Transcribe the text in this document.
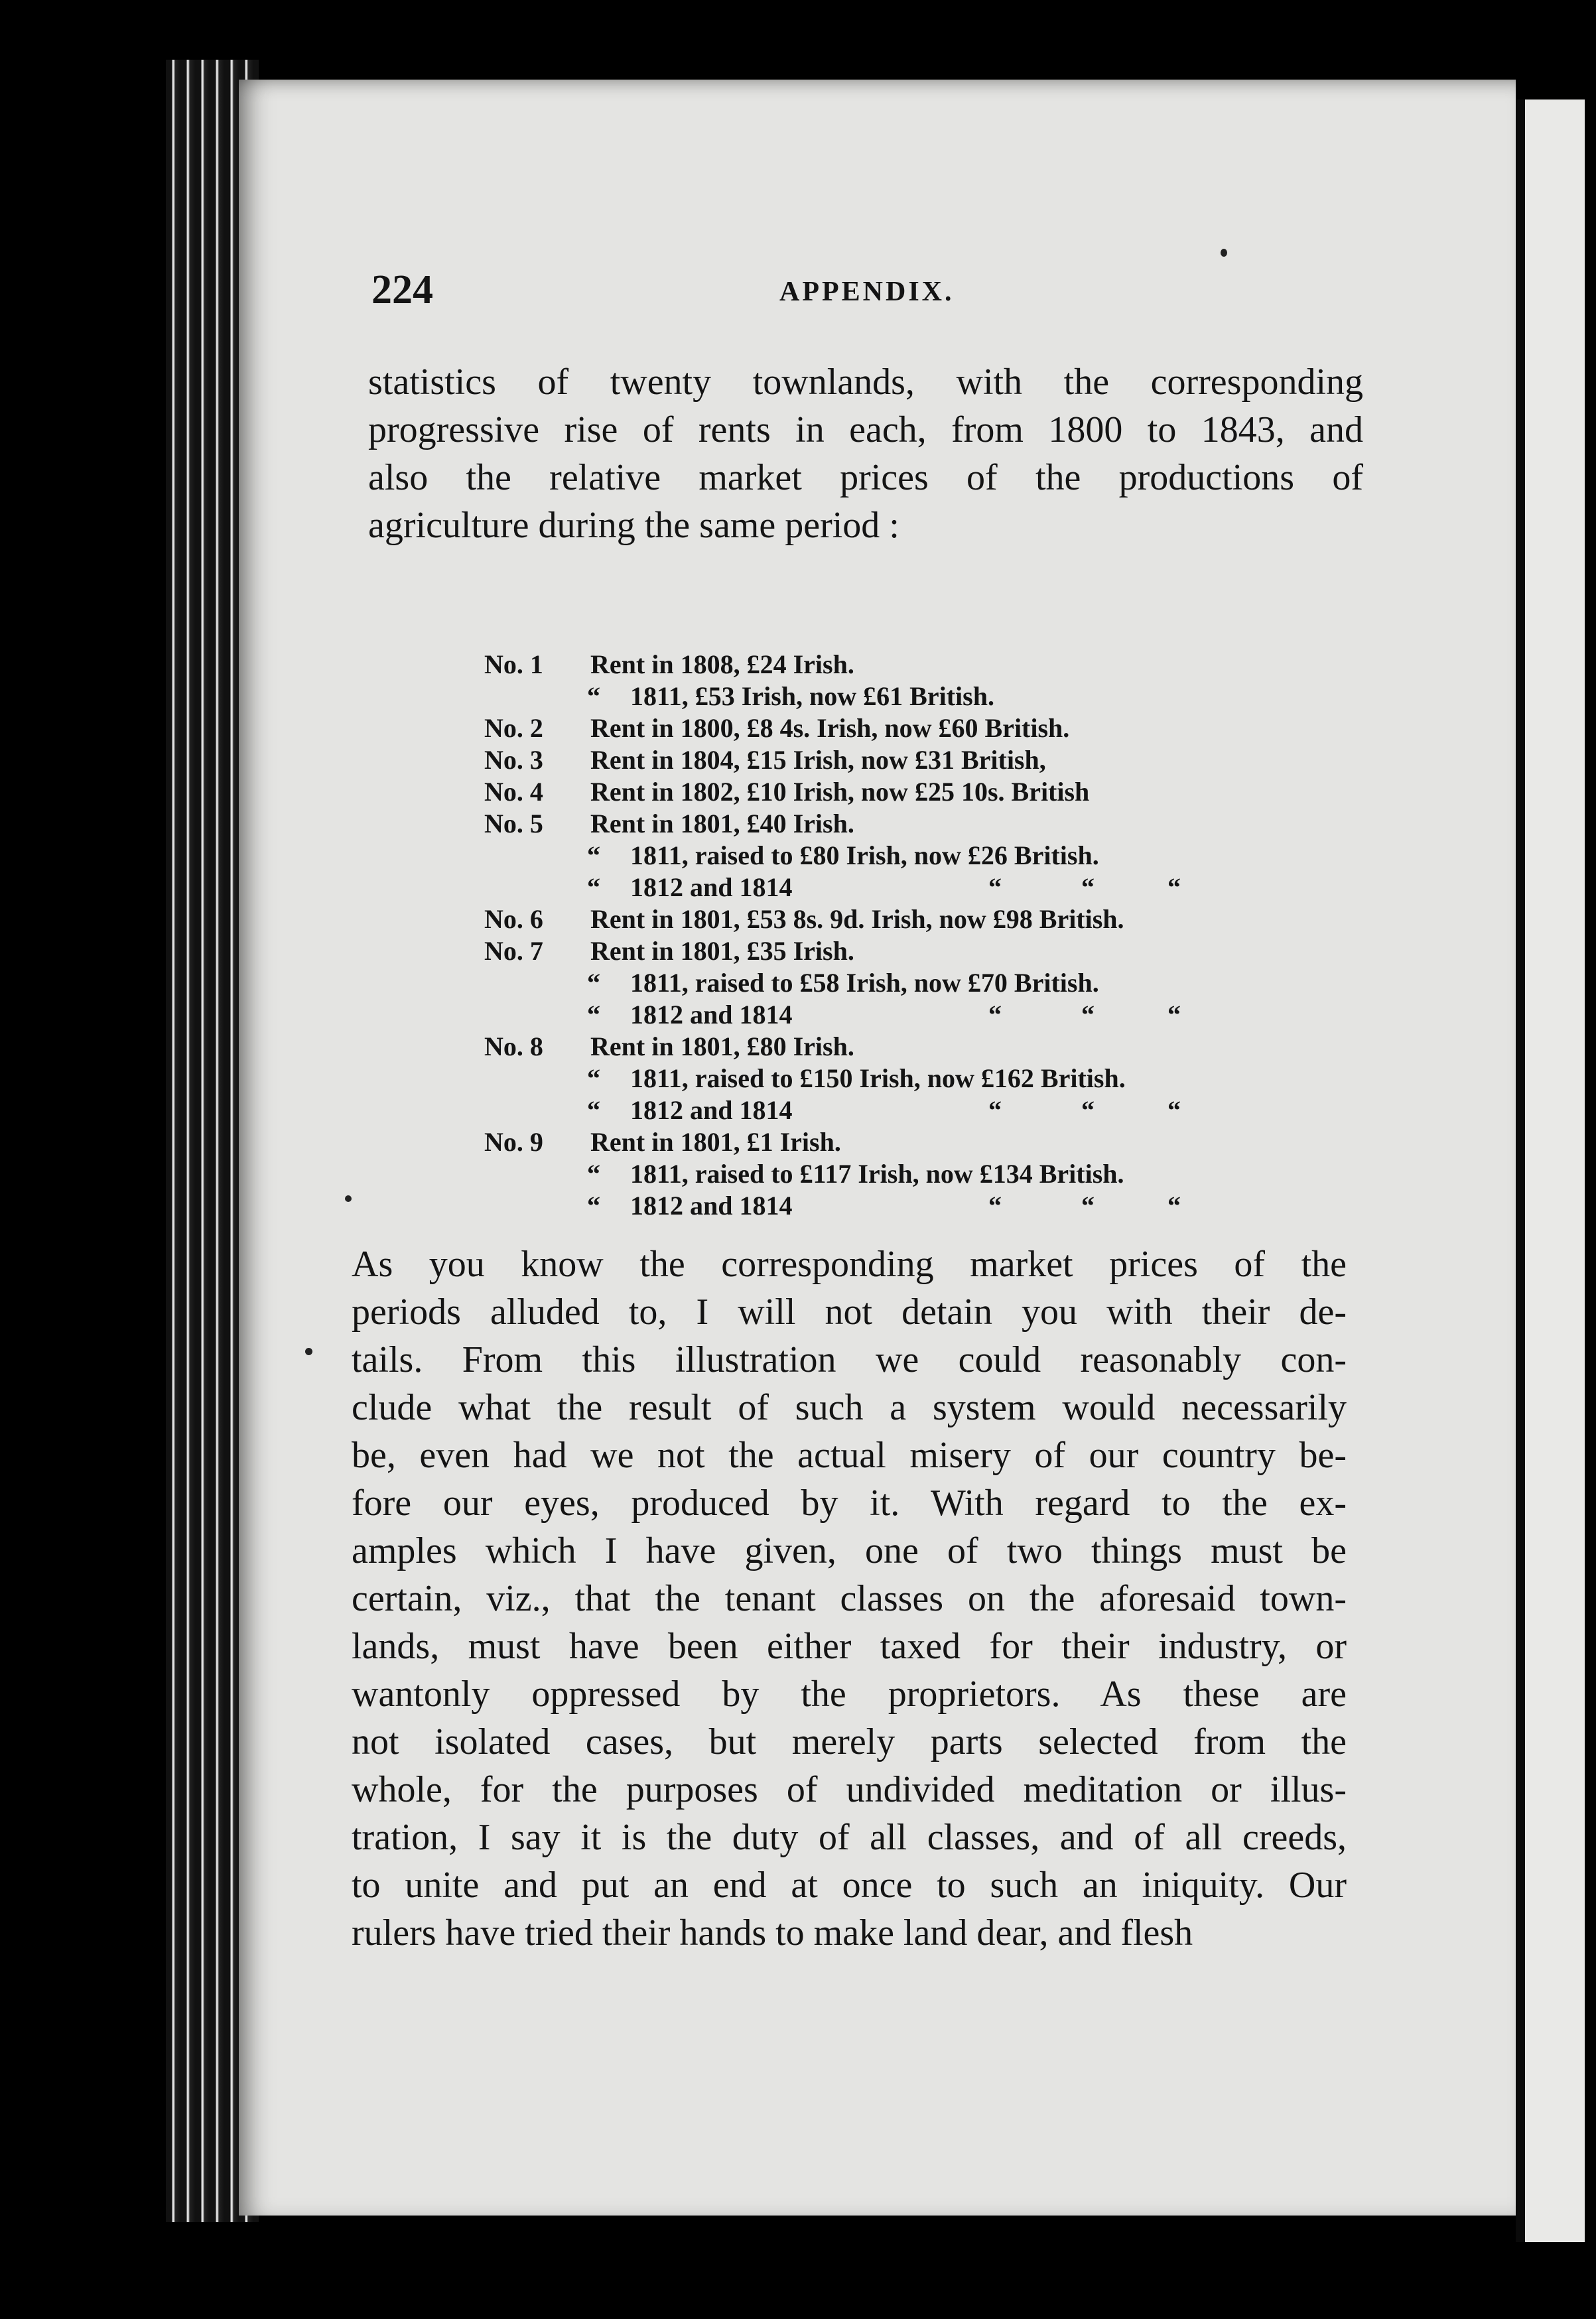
224	APPENDIX.
statistics of twenty townlands, with the corresponding
progressive rise of rents in each, from 1800 to 1843, and
also the relative market prices of the productions of
agriculture during the same period :
No. 1 Rent in 1808, £24 Irish.
“ 1811, £53 Irish, now £61 British.
No. 2 Rent in 1800, £8 4s. Irish, now £60 British.
No. 3 Rent in 1804, £15 Irish, now £31 British,
No. 4 Rent in 1802, £10 Irish, now £25 10s. British
No. 5 Rent in 1801, £40 Irish.
“ 1811, raised to £80 Irish, now £26 British.
“ 1812 and 1814	“	“	“
No. 6 Rent in 1801, £53 8s. 9d. Irish, now £98 British.
No. 7 Rent in 1801, £35 Irish.
“ 1811, raised to £58 Irish, now £70 British.
“ 1812 and 1814	“	“	“
No. 8 Rent in 1801, £80 Irish.
“ 1811, raised to £150 Irish, now £162 British.
“ 1812 and 1814	“	“	“
No. 9 Rent in 1801, £1 Irish.
“ 1811, raised to £117 Irish, now £134 British.
“ 1812 and 1814	“	“	“
As you know the corresponding market prices of the
periods alluded to, I will not detain you with their de-
tails. From this illustration we could reasonably con-
clude what the result of such a system would necessarily
be, even had we not the actual misery of our country be-
fore our eyes, produced by it. With regard to the ex-
amples which I have given, one of two things must be
certain, viz., that the tenant classes on the aforesaid town-
lands, must have been either taxed for their industry, or
wantonly oppressed by the proprietors. As these are
not isolated cases, but merely parts selected from the
whole, for the purposes of undivided meditation or illus-
tration, I say it is the duty of all classes, and of all creeds,
to unite and put an end at once to such an iniquity. Our
rulers have tried their hands to make land dear, and flesh
